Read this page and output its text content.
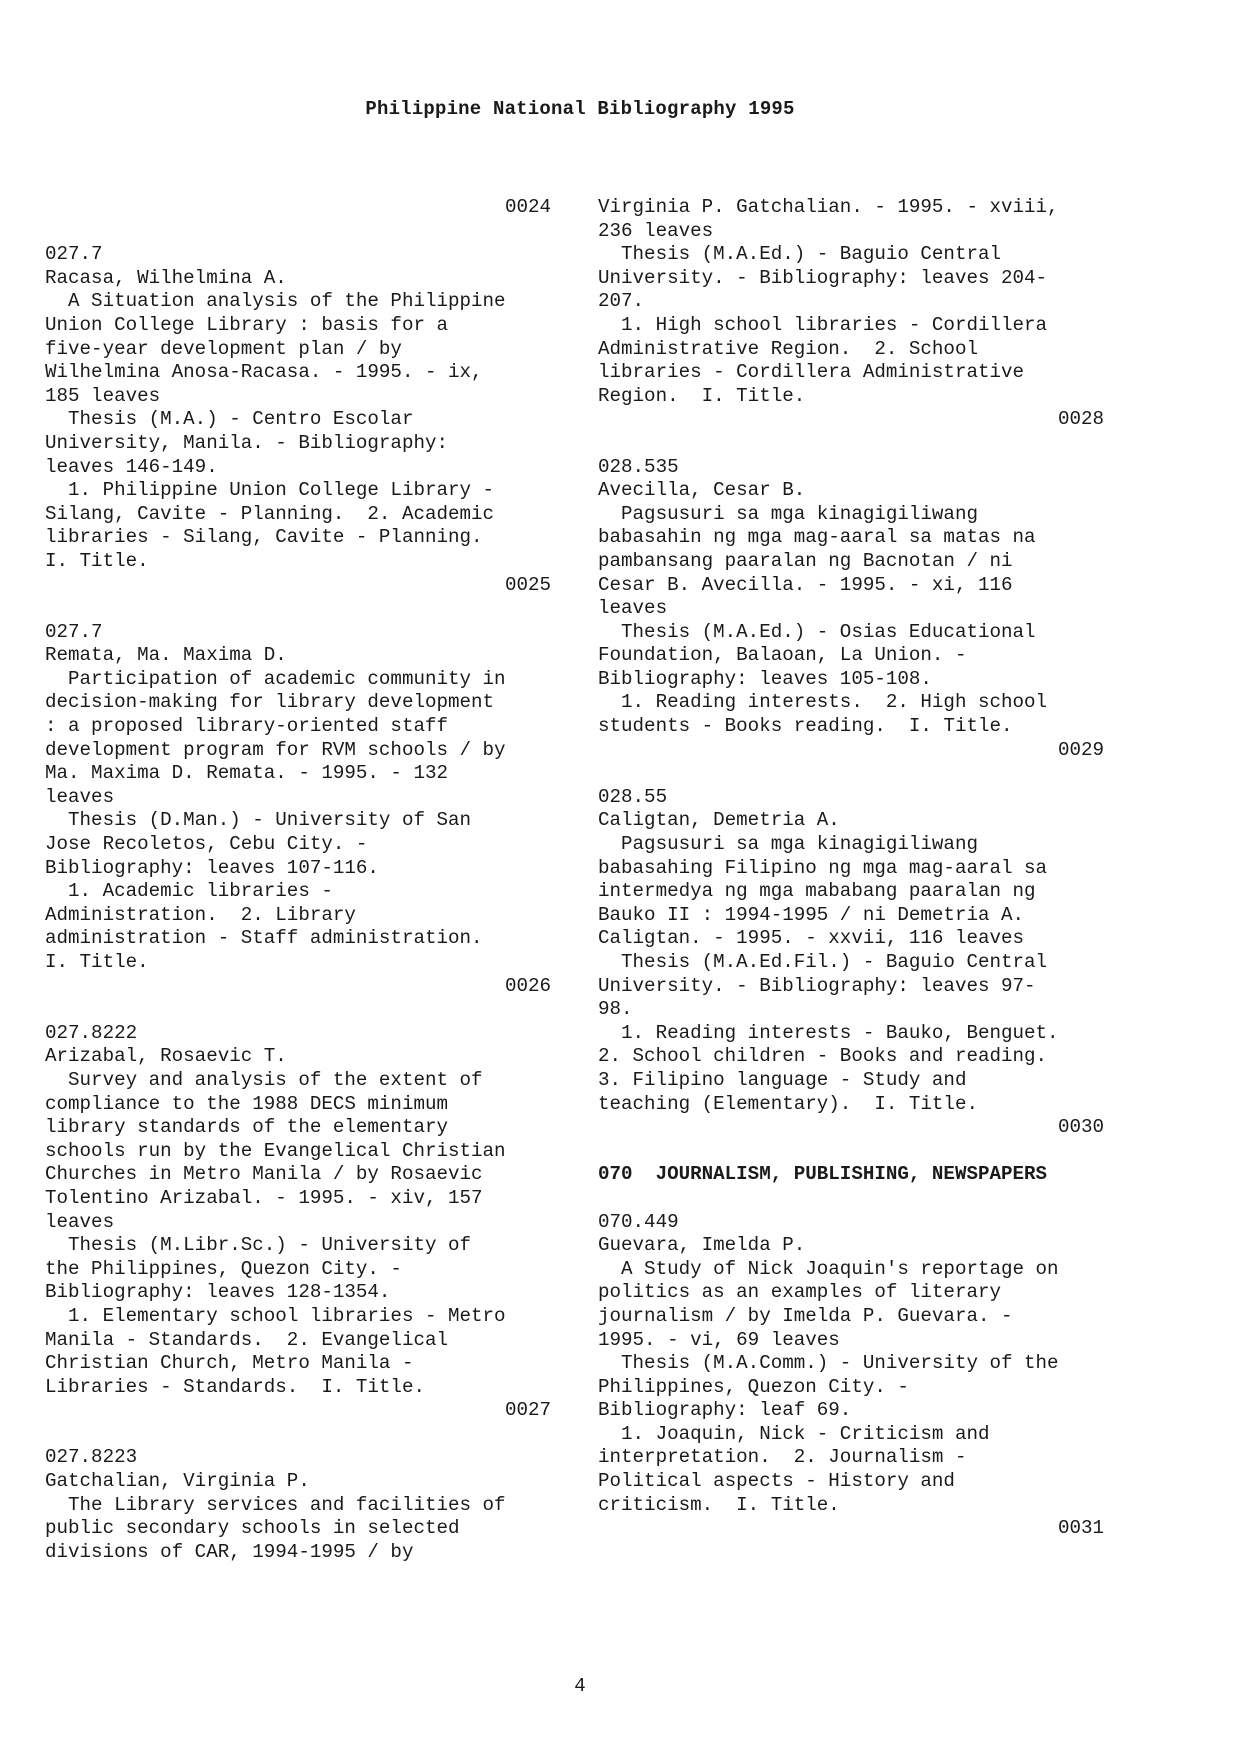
Philippine National Bibliography 1995
0024
027.7
Racasa, Wilhelmina A.
A Situation analysis of the Philippine
Union College Library : basis for a
five-year development plan / by
Wilhelmina Anosa-Racasa. - 1995. - ix,
185 leaves
Thesis (M.A.) - Centro Escolar
University, Manila. - Bibliography:
leaves 146-149.
1. Philippine Union College Library -
Silang, Cavite - Planning.  2. Academic
libraries - Silang, Cavite - Planning.
I. Title.
0025
027.7
Remata, Ma. Maxima D.
Participation of academic community in
decision-making for library development
: a proposed library-oriented staff
development program for RVM schools / by
Ma. Maxima D. Remata. - 1995. - 132
leaves
Thesis (D.Man.) - University of San
Jose Recoletos, Cebu City. -
Bibliography: leaves 107-116.
1. Academic libraries -
Administration.  2. Library
administration - Staff administration.
I. Title.
0026
027.8222
Arizabal, Rosaevic T.
Survey and analysis of the extent of
compliance to the 1988 DECS minimum
library standards of the elementary
schools run by the Evangelical Christian
Churches in Metro Manila / by Rosaevic
Tolentino Arizabal. - 1995. - xiv, 157
leaves
Thesis (M.Libr.Sc.) - University of
the Philippines, Quezon City. -
Bibliography: leaves 128-1354.
1. Elementary school libraries - Metro
Manila - Standards.  2. Evangelical
Christian Church, Metro Manila -
Libraries - Standards.  I. Title.
0027
027.8223
Gatchalian, Virginia P.
The Library services and facilities of
public secondary schools in selected
divisions of CAR, 1994-1995 / by
Virginia P. Gatchalian. - 1995. - xviii,
236 leaves
Thesis (M.A.Ed.) - Baguio Central
University. - Bibliography: leaves 204-
207.
1. High school libraries - Cordillera
Administrative Region.  2. School
libraries - Cordillera Administrative
Region.  I. Title.
0028
028.535
Avecilla, Cesar B.
Pagsusuri sa mga kinagigiliwang
babasahin ng mga mag-aaral sa matas na
pambansang paaralan ng Bacnotan / ni
Cesar B. Avecilla. - 1995. - xi, 116
leaves
Thesis (M.A.Ed.) - Osias Educational
Foundation, Balaoan, La Union. -
Bibliography: leaves 105-108.
1. Reading interests.  2. High school
students - Books reading.  I. Title.
0029
028.55
Caligtan, Demetria A.
Pagsusuri sa mga kinagigiliwang
babasahing Filipino ng mga mag-aaral sa
intermedya ng mga mababang paaralan ng
Bauko II : 1994-1995 / ni Demetria A.
Caligtan. - 1995. - xxvii, 116 leaves
Thesis (M.A.Ed.Fil.) - Baguio Central
University. - Bibliography: leaves 97-
98.
1. Reading interests - Bauko, Benguet.
2. School children - Books and reading.
3. Filipino language - Study and
teaching (Elementary).  I. Title.
0030
070  JOURNALISM, PUBLISHING, NEWSPAPERS
070.449
Guevara, Imelda P.
A Study of Nick Joaquin's reportage on
politics as an examples of literary
journalism / by Imelda P. Guevara. -
1995. - vi, 69 leaves
Thesis (M.A.Comm.) - University of the
Philippines, Quezon City. -
Bibliography: leaf 69.
1. Joaquin, Nick - Criticism and
interpretation.  2. Journalism -
Political aspects - History and
criticism.  I. Title.
0031
4
